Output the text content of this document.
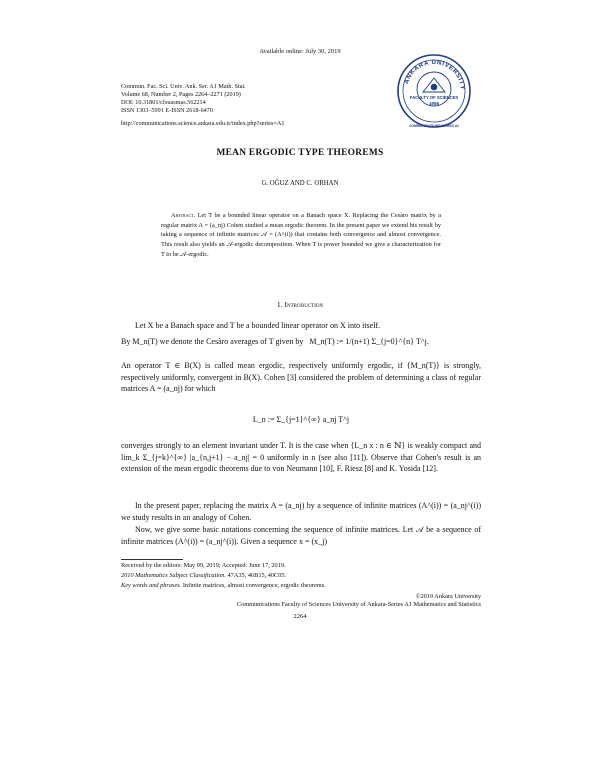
Available online: July 30, 2019
Commun. Fac. Sci. Univ. Ank. Ser. A1 Math. Stat.
Volume 68, Number 2, Pages 2264–2271 (2019)
DOI: 10.31801/cfsuasmas.562214
ISSN 1303–5991 E-ISSN 2618-6470
http://communications.science.ankara.edu.tr/index.php?series=A1
ANKARA UNIVERSITY
FACULTY OF SCIENCES
1955
COMMUNICATIONS SERIES A1
MEAN ERGODIC TYPE THEOREMS
G. OĞUZ AND C. ORHAN
Abstract. Let T be a bounded linear operator on a Banach space X. Replacing the Cesàro matrix by a regular matrix A = (a_nj) Cohen studied a mean ergodic theorem. In the present paper we extend his result by taking a sequence of infinite matrices 𝒜 = (A^(i)) that contains both convergence and almost convergence. This result also yields an 𝒜-ergodic decomposition. When T is power bounded we give a characterization for T to be 𝒜-ergodic.
1. Introduction
Let X be a Banach space and T be a bounded linear operator on X into itself.
By M_n(T) we denote the Cesàro averages of T given by M_n(T) := 1/(n+1) Σ_{j=0}^{n} T^j.
An operator T ∈ B(X) is called mean ergodic, respectively uniformly ergodic, if {M_n(T)} is strongly, respectively uniformly, convergent in B(X). Cohen [3] considered the problem of determining a class of regular matrices A = (a_nj) for which
L_n := Σ_{j=1}^{∞} a_nj T^j
converges strongly to an element invariant under T. It is the case when {L_n x : n ∈ ℕ} is weakly compact and lim_k Σ_{j=k}^{∞} |a_{n,j+1} − a_nj| = 0 uniformly in n (see also [11]). Observe that Cohen's result is an extension of the mean ergodic theorems due to von Neumann [10], F. Riesz [8] and K. Yosida [12].
In the present paper, replacing the matrix A = (a_nj) by a sequence of infinite matrices (A^(i)) = (a_nj^(i)) we study results in an analogy of Cohen.
Now, we give some basic notations concerning the sequence of infinite matrices. Let 𝒜 be a sequence of infinite matrices (A^(i)) = (a_nj^(i)). Given a sequence x = (x_j)
Received by the editors: May 09, 2019; Accepted: June 17, 2019.
2010 Mathematics Subject Classification. 47A35, 46B15, 40C05.
Key words and phrases. Infinite matrices, almost convergence, ergodic theorems.
©2019 Ankara University
Communications Faculty of Sciences University of Ankara-Series A1 Mathematics and Statistics
2264
